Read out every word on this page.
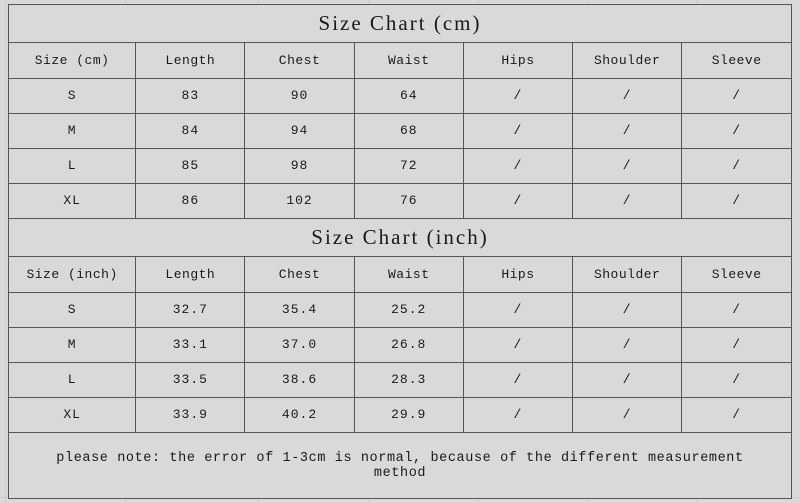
Size Chart (cm)
Size (cm)	Length	Chest	Waist	Hips	Shoulder	Sleeve
S	83	90	64	/	/	/
M	84	94	68	/	/	/
L	85	98	72	/	/	/
XL	86	102	76	/	/	/
Size Chart (inch)
Size (inch)	Length	Chest	Waist	Hips	Shoulder	Sleeve
S	32.7	35.4	25.2	/	/	/
M	33.1	37.0	26.8	/	/	/
L	33.5	38.6	28.3	/	/	/
XL	33.9	40.2	29.9	/	/	/
please note: the error of 1-3cm is normal, because of the different measurement method
